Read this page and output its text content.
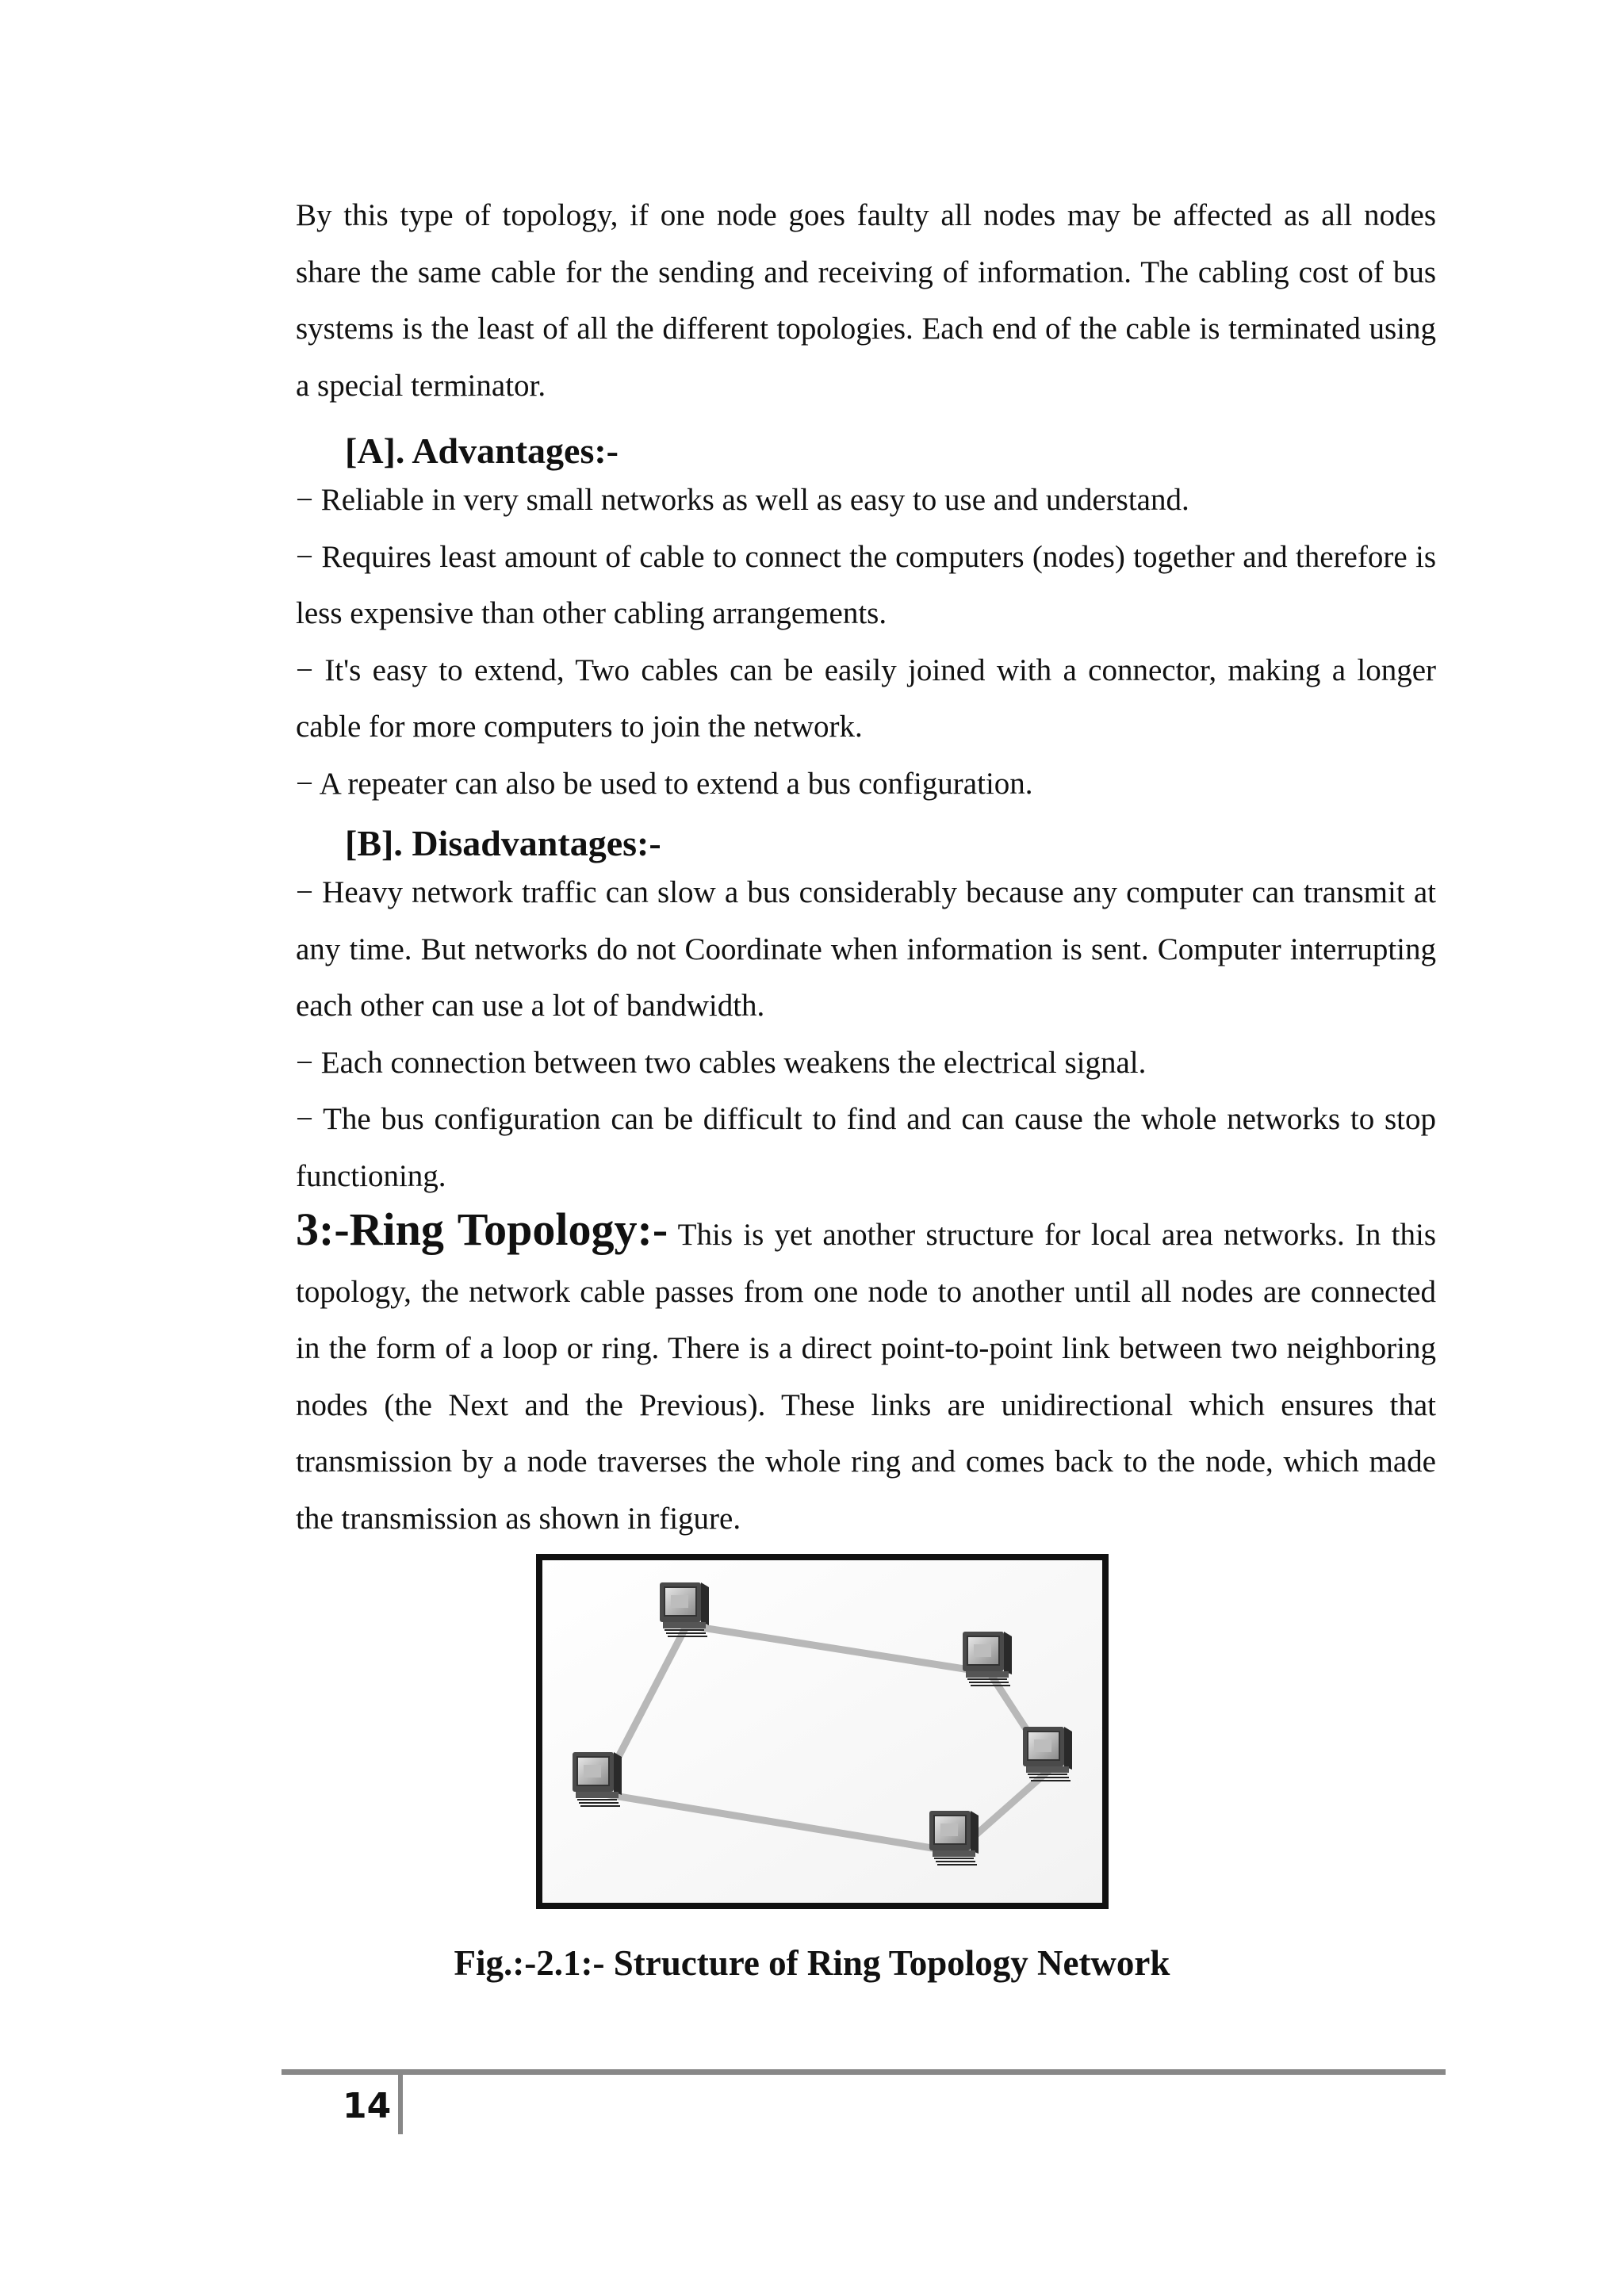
By this type of topology, if one node goes faulty all nodes may be affected as all nodes share the same cable for the sending and receiving of information. The cabling cost of bus systems is the least of all the different topologies. Each end of the cable is terminated using a special terminator.

[A]. Advantages:-

− Reliable in very small networks as well as easy to use and understand.

− Requires least amount of cable to connect the computers (nodes) together and therefore is less expensive than other cabling arrangements.

− It's easy to extend, Two cables can be easily joined with a connector, making a longer cable for more computers to join the network.

− A repeater can also be used to extend a bus configuration.

[B]. Disadvantages:-

− Heavy network traffic can slow a bus considerably because any computer can transmit at any time. But networks do not Coordinate when information is sent. Computer interrupting each other can use a lot of bandwidth.

− Each connection between two cables weakens the electrical signal.

− The bus configuration can be difficult to find and can cause the whole networks to stop functioning.

3:-Ring Topology:- This is yet another structure for local area networks. In this topology, the network cable passes from one node to another until all nodes are connected in the form of a loop or ring. There is a direct point-to-point link between two neighboring nodes (the Next and the Previous). These links are unidirectional which ensures that transmission by a node traverses the whole ring and comes back to the node, which made the transmission as shown in figure.

Fig.:-2.1:- Structure of Ring Topology Network
14
